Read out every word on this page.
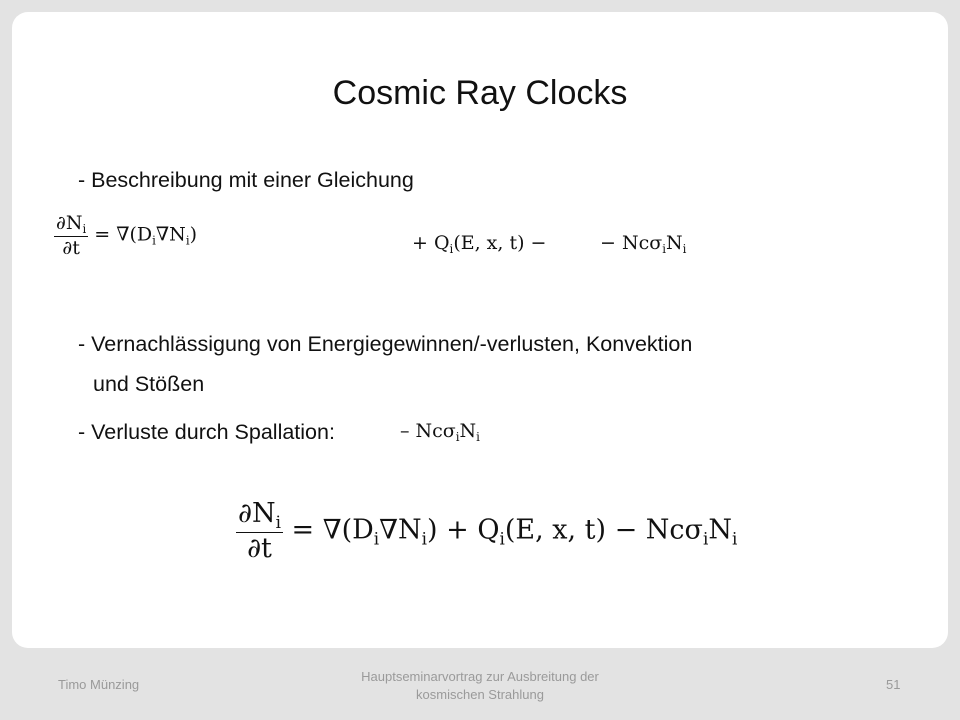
Cosmic Ray Clocks
- Beschreibung mit einer Gleichung
$\frac{\partial N_i}{\partial t} = \nabla(D_i\nabla N_i)$	+ $Q_i(E$, x, t) −	− $Nc\sigma_iN_i$
- Vernachlässigung von Energiegewinnen/-verlusten, Konvektion
und Stößen
- Verluste durch Spallation:	– $Nc\sigma_iN_i$
$\frac{\partial N_i}{\partial t} = \nabla(D_i\nabla N_i) + Q_i(E$, x, $t) - Nc\sigma_iN_i$
Timo Münzing
Hauptseminarvortrag zur Ausbreitung der
kosmischen Strahlung
51
